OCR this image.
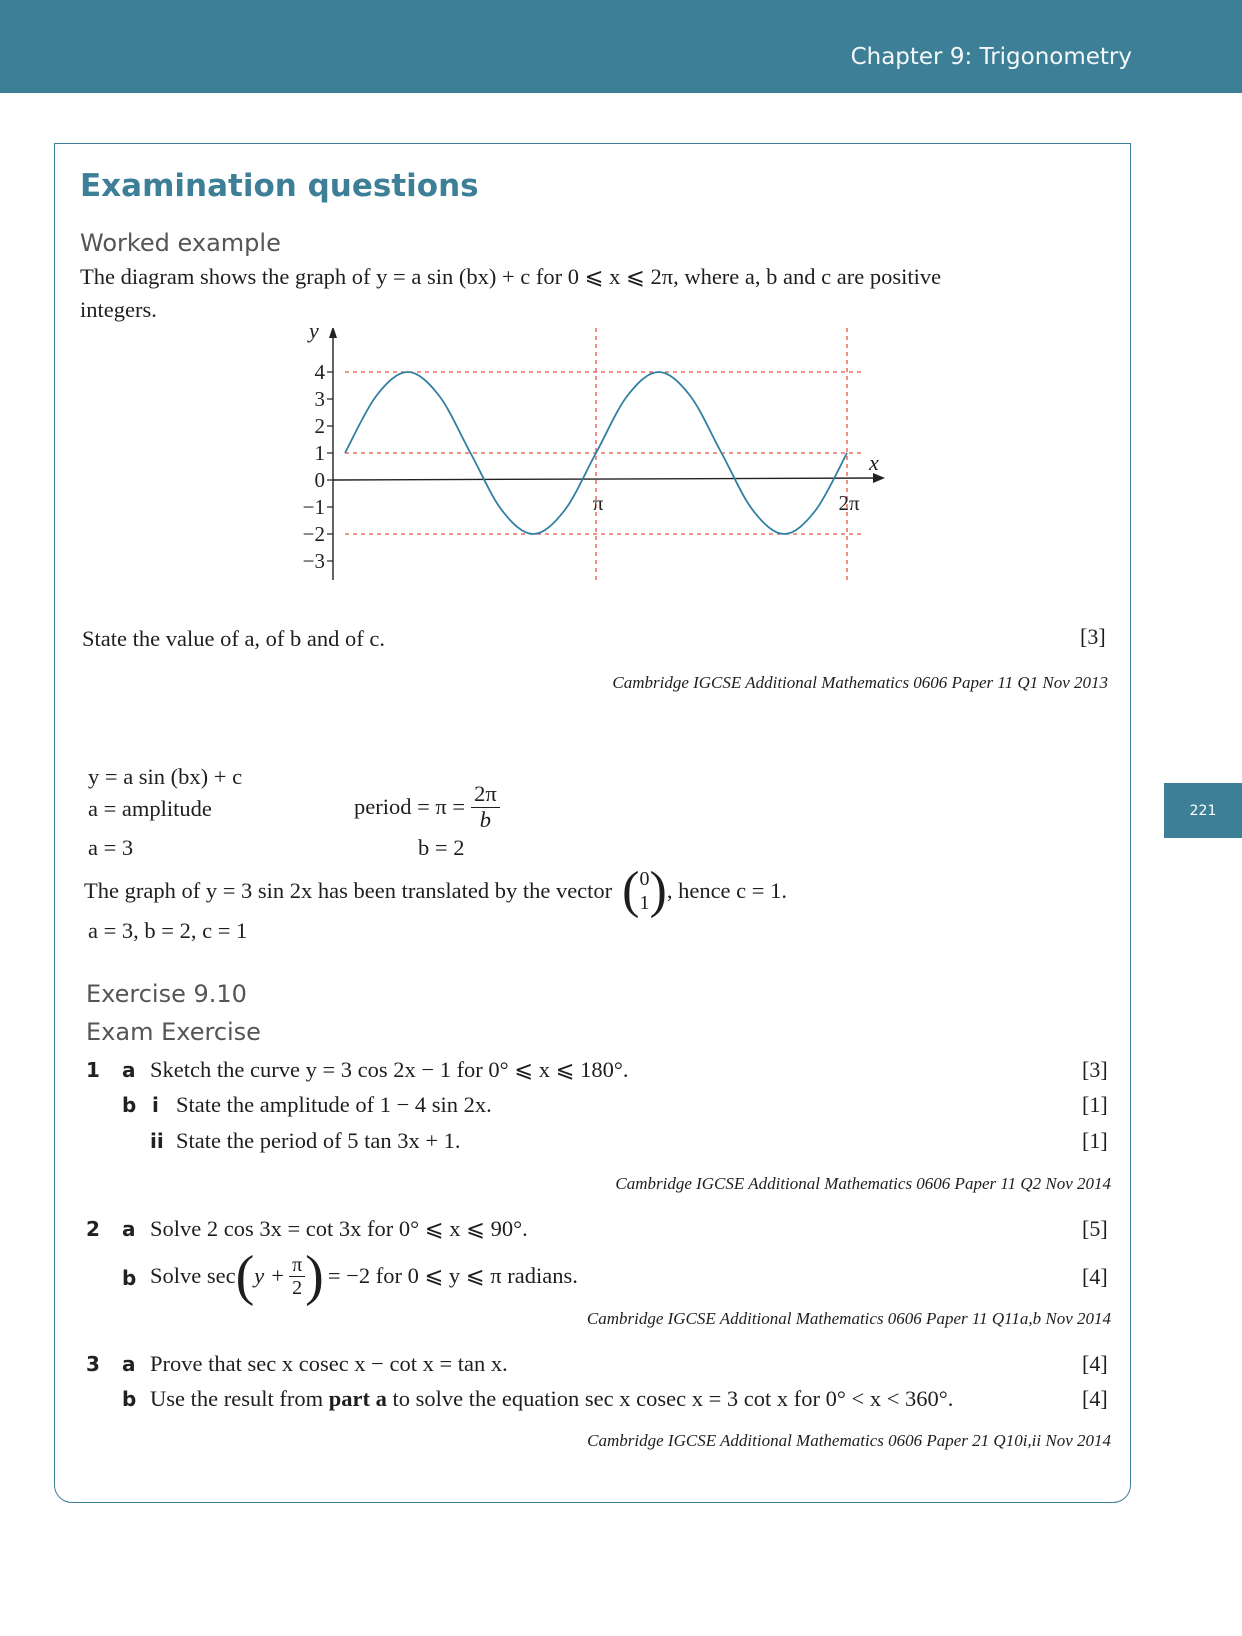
Chapter 9: Trigonometry
221
Examination questions
Worked example
The diagram shows the graph of y = a sin (bx) + c for 0 ⩽ x ⩽ 2π, where a, b and c are positive
integers.
4
3
2
1
0
−1
−2
−3
y
x
π	2π
State the value of a, of b and of c.	[3]
Cambridge IGCSE Additional Mathematics 0606 Paper 11 Q1 Nov 2013
y = a sin (bx) + c
a = amplitude
a = 3
period = $\pi = \frac{2\pi}{b}$
b = 2
The graph of y = 3 sin 2x has been translated by the vector ( 0
1 ) , hence c = 1.
a = 3, b = 2, c = 1
Exercise 9.10
Exam Exercise
1 a Sketch the curve y = 3 cos 2x − 1 for 0° ⩽ x ⩽ 180°.	[3]
b i State the amplitude of 1 − 4 sin 2x.	[1]
ii State the period of 5 tan 3x + 1.	[1]
Cambridge IGCSE Additional Mathematics 0606 Paper 11 Q2 Nov 2014
2 a Solve 2 cos 3x = cot 3x for 0° ⩽ x ⩽ 90°.	[5]
b Solve sec ( $y + \frac{\pi}{2}$ ) = −2 for 0 ⩽ y ⩽ π radians.	[4]
Cambridge IGCSE Additional Mathematics 0606 Paper 11 Q11a,b Nov 2014
3 a Prove that sec x cosec x − cot x = tan x.	[4]
b Use the result from part a to solve the equation sec x cosec x = 3 cot x for 0° < x < 360°.	[4]
Cambridge IGCSE Additional Mathematics 0606 Paper 21 Q10i,ii Nov 2014
